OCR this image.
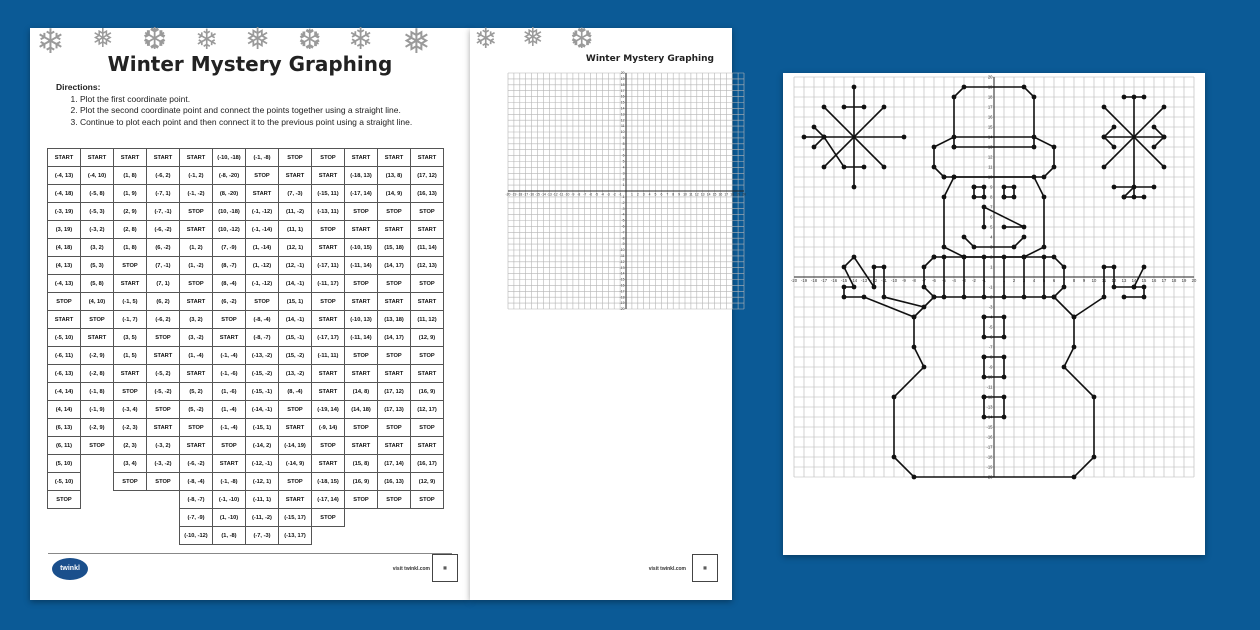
❄ ❅ ❆ ❄ ❅ ❆ ❄ ❅
Winter Mystery Graphing
Directions:
1. Plot the first coordinate point.
2. Plot the second coordinate point and connect the points together using a straight line.
3. Continue to plot each point and then connect it to the previous point using a straight line.
START	START	START	START	START	(-10, -18)	(-1, -8)	STOP	STOP	START	START	START
(-4, 13)	(-4, 10)	(1, 8)	(-6, 2)	(-1, 2)	(-8, -20)	STOP	START	START	(-18, 13)	(13, 8)	(17, 12)
(-4, 18)	(-5, 8)	(1, 9)	(-7, 1)	(-1, -2)	(8, -20)	START	(7, -3)	(-15, 11)	(-17, 14)	(14, 9)	(16, 13)
(-3, 19)	(-5, 3)	(2, 9)	(-7, -1)	STOP	(10, -18)	(-1, -12)	(11, -2)	(-13, 11)	STOP	STOP	STOP
(3, 19)	(-3, 2)	(2, 8)	(-6, -2)	START	(10, -12)	(-1, -14)	(11, 1)	STOP	START	START	START
(4, 18)	(3, 2)	(1, 8)	(6, -2)	(1, 2)	(7, -9)	(1, -14)	(12, 1)	START	(-10, 15)	(15, 18)	(11, 14)
(4, 13)	(5, 3)	STOP	(7, -1)	(1, -2)	(8, -7)	(1, -12)	(12, -1)	(-17, 11)	(-11, 14)	(14, 17)	(12, 13)
(-4, 13)	(5, 8)	START	(7, 1)	STOP	(8, -4)	(-1, -12)	(14, -1)	(-11, 17)	STOP	STOP	STOP
STOP	(4, 10)	(-1, 5)	(6, 2)	START	(6, -2)	STOP	(15, 1)	STOP	START	START	START
START	STOP	(-1, 7)	(-6, 2)	(3, 2)	STOP	(-8, -4)	(14, -1)	START	(-10, 13)	(13, 18)	(11, 12)
(-5, 10)	START	(3, 5)	STOP	(3, -2)	START	(-8, -7)	(15, -1)	(-17, 17)	(-11, 14)	(14, 17)	(12, 9)
(-6, 11)	(-2, 9)	(1, 5)	START	(1, -4)	(-1, -4)	(-13, -2)	(15, -2)	(-11, 11)	STOP	STOP	STOP
(-6, 13)	(-2, 8)	START	(-5, 2)	START	(-1, -6)	(-15, -2)	(13, -2)	START	START	START	START
(-4, 14)	(-1, 8)	STOP	(-5, -2)	(5, 2)	(1, -6)	(-15, -1)	(8, -4)	START	(14, 8)	(17, 12)	(16, 9)
(4, 14)	(-1, 9)	(-3, 4)	STOP	(5, -2)	(1, -4)	(-14, -1)	STOP	(-19, 14)	(14, 18)	(17, 13)	(12, 17)
(6, 13)	(-2, 9)	(-2, 3)	START	STOP	(-1, -4)	(-15, 1)	START	(-9, 14)	STOP	STOP	STOP
(6, 11)	STOP	(2, 3)	(-3, 2)	START	STOP	(-14, 2)	(-14, 19)	STOP	START	START	START
(5, 10)		(3, 4)	(-3, -2)	(-6, -2)	START	(-12, -1)	(-14, 9)	START	(15, 8)	(17, 14)	(16, 17)
(-5, 10)		STOP	STOP	(-8, -4)	(-1, -8)	(-12, 1)	STOP	(-18, 15)	(16, 9)	(16, 13)	(12, 9)
STOP				(-8, -7)	(-1, -10)	(-11, 1)	START	(-17, 14)	STOP	STOP	STOP
				(-7, -9)	(1, -10)	(-11, -2)	(-15, 17)	STOP			
				(-10, -12)	(1, -8)	(-7, -3)	(-13, 17)				
twinkl	visit twinkl.com	▦
❄ ❅ ❆
Winter Mystery Graphing
-20
-20
-19
-19
-18
-18
-17
-17
-16
-16
-15
-15
-14
-14
-13
-13
-12
-12
-11
-11
-10
-10
-9
-9
-8
-8
-7
-7
-6
-6
-5
-5
-4
-4
-3
-3
-2
-2
-1
-1
1
1
2
2
3
3
4
4
5
5
6
6
7
7
8
8
9
9
10
10
11
11
12
12
13
13
14
14
15
15
16
16
17
17
18
18
19
19
20
20
visit twinkl.com	▦
-20
-20
-19
-19
-18
-18
-17
-17
-16
-16
-15
-15
-14
-14
-13
-13
-12
-12
-11
-11
-10
-10
-9
-9
-8
-8
-7
-7
-6
-6
-5
-5
-4
-4
-3
-3
-2
-2
-1
-1
1
1
2
2
3
3
4
4
5
5
6
6
7
7
8
8
9
9
10
10
11
11
12
12
13
13
14
14
15
15
16
16
17
17
18
18
19
19
20
20
